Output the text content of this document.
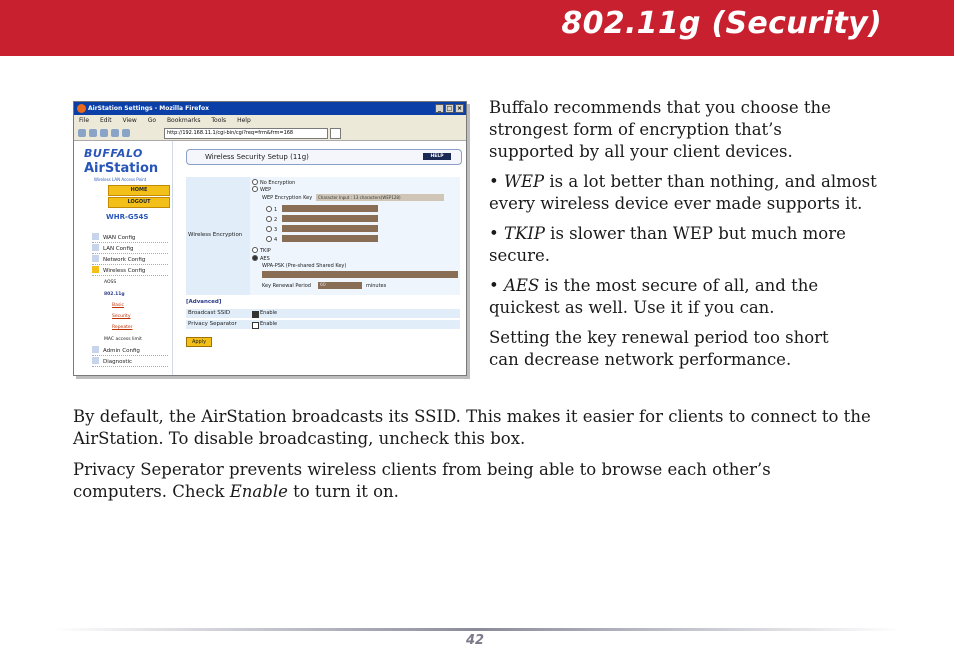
802.11g (Security)
AirStation Settings - Mozilla Firefox	_ □ ×
File Edit View Go Bookmarks Tools Help
http://192.168.11.1/cgi-bin/cgi?req=frm&frm=168
BUFFALO
AirStation
Wireless LAN Access Point
HOME
LOGOUT
WHR-G54S
WAN Config
LAN Config
Network Config
Wireless Config
AOSS
802.11g
Basic
Security
Repeater
MAC access limit
Admin Config
Diagnostic
Wireless Security Setup (11g)	HELP
Wireless Encryption
No Encryption
WEP
WEP Encryption Key	Character Input : 13 characters(WEP128)
1
2
3
4
TKIP
AES
WPA-PSK (Pre-shared Shared Key)
Key Renewal Period	60	minutes
[Advanced]
Broadcast SSID	Enable
Privacy Separator	Enable
Apply

Buffalo recommends that you choose the strongest form of encryption that’s supported by all your client devices.

• WEP is a lot better than nothing, and almost every wireless device ever made supports it.

• TKIP is slower than WEP but much more secure.

• AES is the most secure of all, and the quickest as well. Use it if you can.

Setting the key renewal period too short can decrease network performance.

By default, the AirStation broadcasts its SSID. This makes it easier for clients to connect to the AirStation. To disable broadcasting, uncheck this box.

Privacy Seperator prevents wireless clients from being able to browse each other’s computers. Check Enable to turn it on.

42
